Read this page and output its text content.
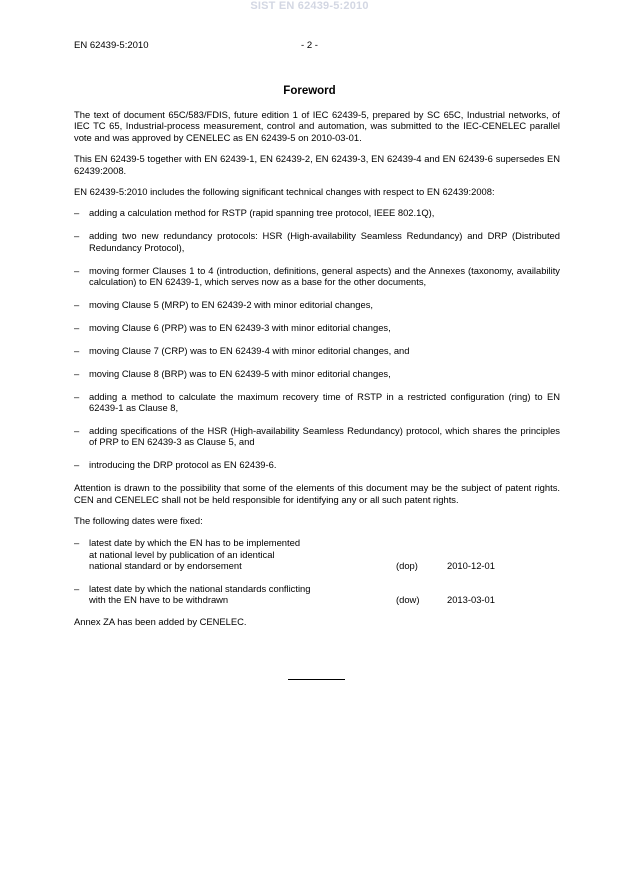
SIST EN 62439-5:2010
EN 62439-5:2010	- 2 -
Foreword

The text of document 65C/583/FDIS, future edition 1 of IEC 62439-5, prepared by SC 65C, Industrial networks, of IEC TC 65, Industrial-process measurement, control and automation, was submitted to the IEC-CENELEC parallel vote and was approved by CENELEC as EN 62439-5 on 2010-03-01.

This EN 62439-5 together with EN 62439-1, EN 62439-2, EN 62439-3, EN 62439-4 and EN 62439-6 supersedes EN 62439:2008.

EN 62439-5:2010 includes the following significant technical changes with respect to EN 62439:2008:

– adding a calculation method for RSTP (rapid spanning tree protocol, IEEE 802.1Q),
– adding two new redundancy protocols: HSR (High-availability Seamless Redundancy) and DRP (Distributed Redundancy Protocol),
– moving former Clauses 1 to 4 (introduction, definitions, general aspects) and the Annexes (taxonomy, availability calculation) to EN 62439-1, which serves now as a base for the other documents,
– moving Clause 5 (MRP) to EN 62439-2 with minor editorial changes,
– moving Clause 6 (PRP) was to EN 62439-3 with minor editorial changes,
– moving Clause 7 (CRP) was to EN 62439-4 with minor editorial changes, and
– moving Clause 8 (BRP) was to EN 62439-5 with minor editorial changes,
– adding a method to calculate the maximum recovery time of RSTP in a restricted configuration (ring) to EN 62439-1 as Clause 8,
– adding specifications of the HSR (High-availability Seamless Redundancy) protocol, which shares the principles of PRP to EN 62439-3 as Clause 5, and
– introducing the DRP protocol as EN 62439-6.

Attention is drawn to the possibility that some of the elements of this document may be the subject of patent rights. CEN and CENELEC shall not be held responsible for identifying any or all such patent rights.

The following dates were fixed:
– latest date by which the EN has to be implemented
at national level by publication of an identical
national standard or by endorsement	(dop)	2010-12-01
– latest date by which the national standards conflicting
with the EN have to be withdrawn	(dow)	2013-03-01

Annex ZA has been added by CENELEC.
